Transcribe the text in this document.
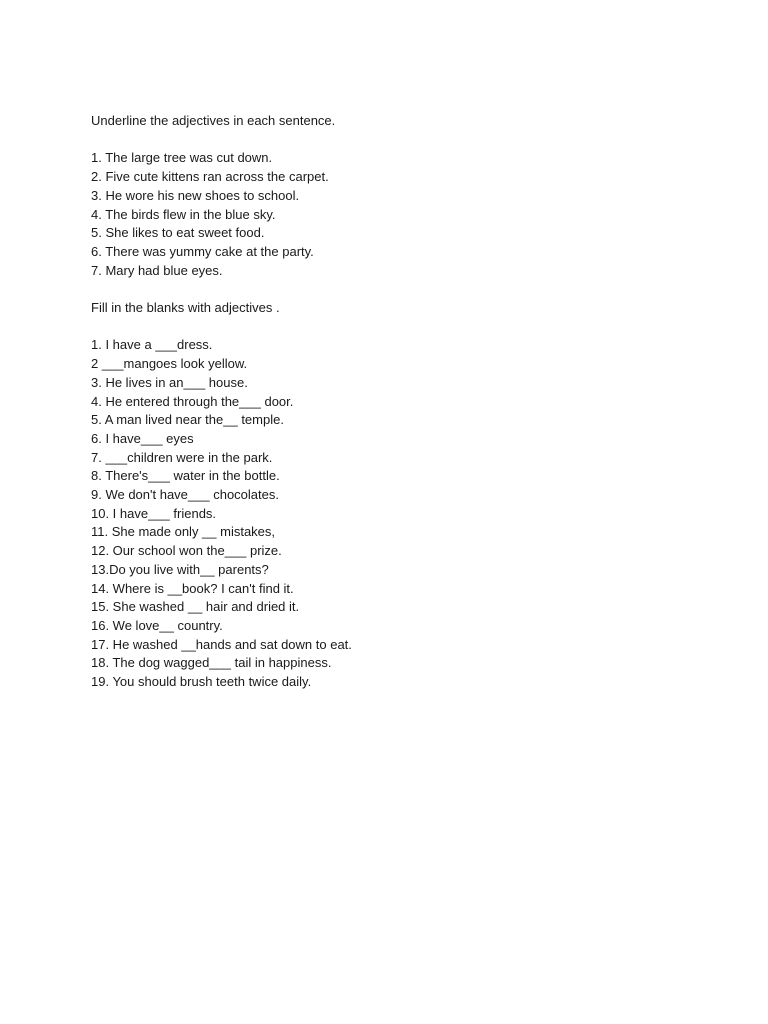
Underline the adjectives in each sentence.

1. The large tree was cut down.
2. Five cute kittens ran across the carpet.
3. He wore his new shoes to school.
4. The birds flew in the blue sky.
5. She likes to eat sweet food.
6. There was yummy cake at the party.
7. Mary had blue eyes.

Fill in the blanks with adjectives .

1. I have a ___dress.
2 ___mangoes look yellow.
3. He lives in an___ house.
4. He entered through the___ door.
5. A man lived near the__ temple.
6. I have___ eyes
7. ___children were in the park.
8. There's___ water in the bottle.
9. We don't have___ chocolates.
10. I have___ friends.
11. She made only __ mistakes,
12. Our school won the___ prize.
13.Do you live with__ parents?
14. Where is __book? I can't find it.
15. She washed __ hair and dried it.
16. We love__ country.
17. He washed __hands and sat down to eat.
18. The dog wagged___ tail in happiness.
19. You should brush teeth twice daily.
